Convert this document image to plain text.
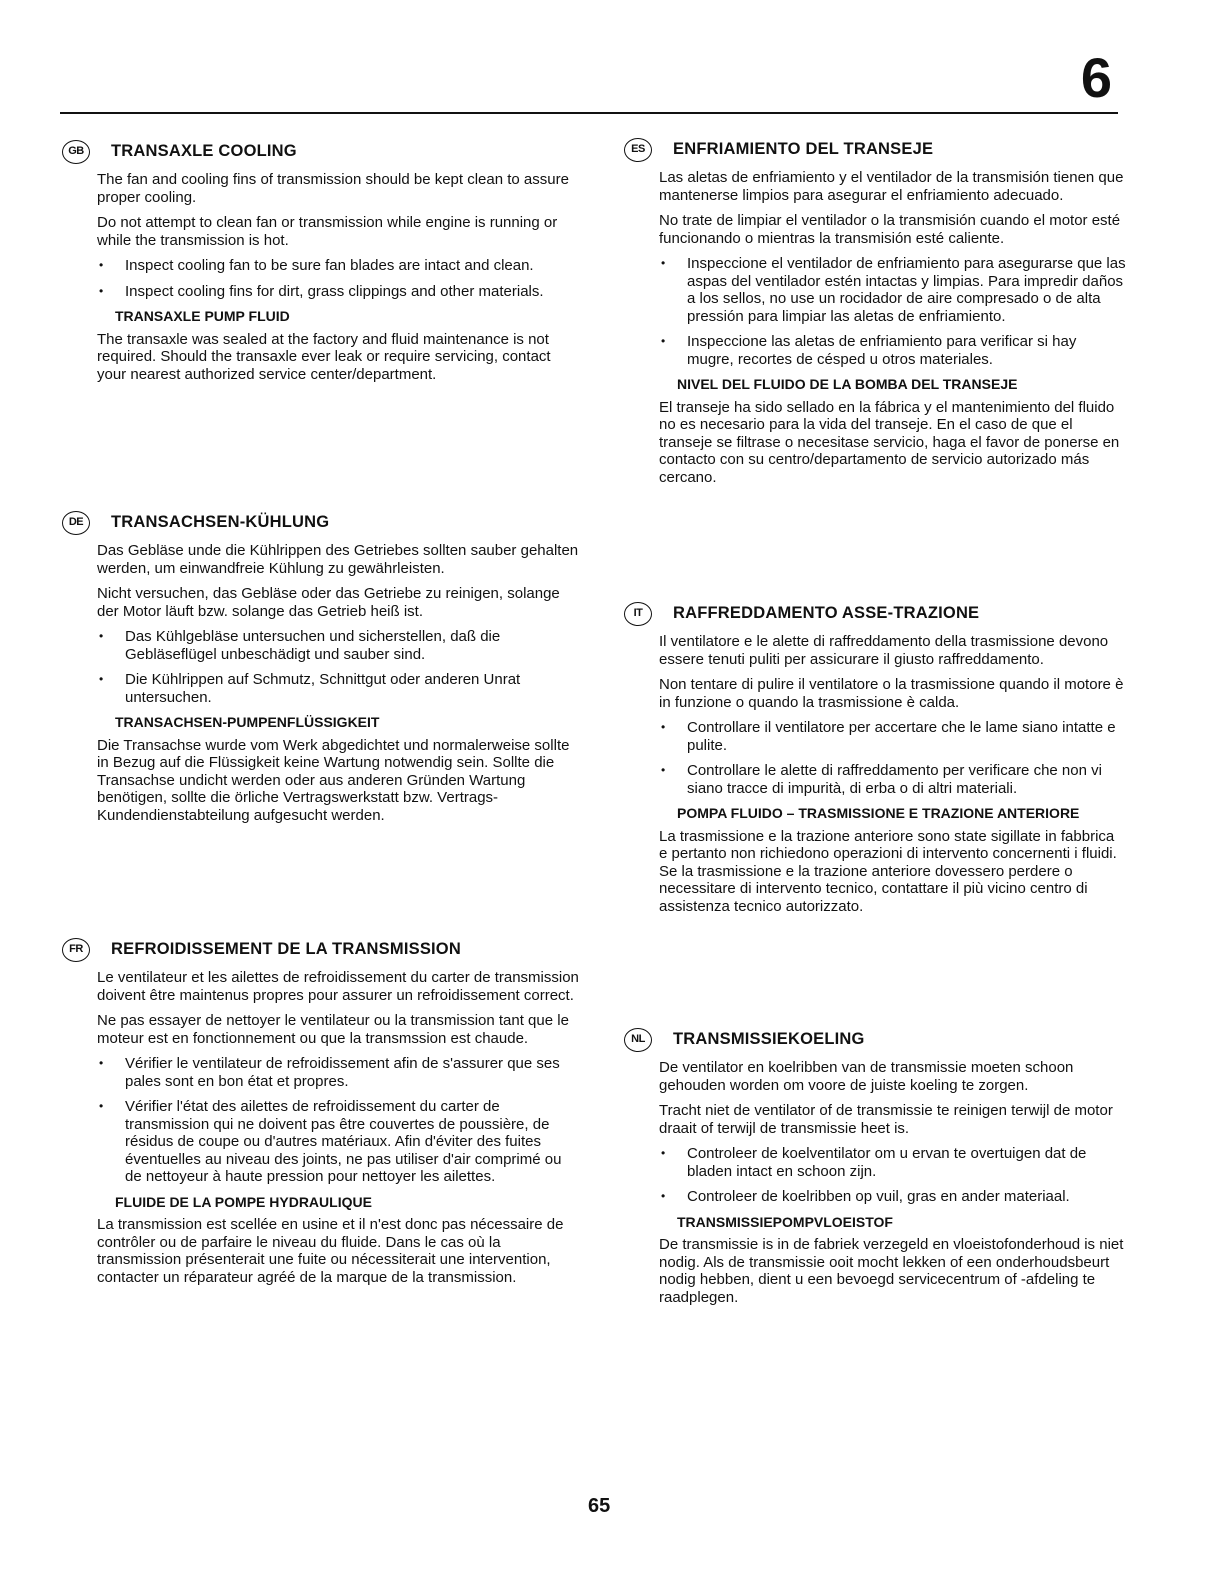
6
GB	TRANSAXLE COOLING

The fan and cooling fins of transmission should be kept clean to assure proper cooling.

Do not attempt to clean fan or transmission while engine is running or while the transmission is hot.

• Inspect cooling fan to be sure fan blades are intact and clean.
• Inspect cooling fins for dirt, grass clippings and other materials.
TRANSAXLE PUMP FLUID

The transaxle was sealed at the factory and fluid maintenance is not required. Should the transaxle ever leak or require servicing, contact your nearest authorized service center/department.

DE	TRANSACHSEN-KÜHLUNG

Das Gebläse unde die Kühlrippen des Getriebes sollten sauber gehalten werden, um einwandfreie Kühlung zu gewährleisten.

Nicht versuchen, das Gebläse oder das Getriebe zu reinigen, solange der Motor läuft bzw. solange das Getrieb heiß ist.

• Das Kühlgebläse untersuchen und sicherstellen, daß die Gebläseflügel unbeschädigt und sauber sind.
• Die Kühlrippen auf Schmutz, Schnittgut oder anderen Unrat untersuchen.
TRANSACHSEN-PUMPENFLÜSSIGKEIT

Die Transachse wurde vom Werk abgedichtet und normalerweise sollte in Bezug auf die Flüssigkeit keine Wartung notwendig sein. Sollte die Transachse undicht werden oder aus anderen Gründen Wartung benötigen, sollte die örliche Vertragswerkstatt bzw. Vertrags-Kundendienstabteilung aufgesucht werden.

FR	REFROIDISSEMENT DE LA TRANSMISSION

Le ventilateur et les ailettes de refroidissement du carter de transmission doivent être maintenus propres pour assurer un refroidissement correct.

Ne pas essayer de nettoyer le ventilateur ou la transmission tant que le moteur est en fonctionnement ou que la transmssion est chaude.

• Vérifier le ventilateur de refroidissement afin de s'assurer que ses pales sont en bon état et propres.
• Vérifier l'état des ailettes de refroidissement du carter de transmission qui ne doivent pas être couvertes de poussière, de résidus de coupe ou d'autres matériaux. Afin d'éviter des fuites éventuelles au niveau des joints, ne pas utiliser d'air comprimé ou de nettoyeur à haute pression pour nettoyer les ailettes.
FLUIDE DE LA POMPE HYDRAULIQUE

La transmission est scellée en usine et il n'est donc pas nécessaire de contrôler ou de parfaire le niveau du fluide. Dans le cas où la transmission présenterait une fuite ou nécessiterait une intervention, contacter un réparateur agréé de la marque de la transmission.

ES	ENFRIAMIENTO DEL TRANSEJE

Las aletas de enfriamiento y el ventilador de la transmisión tienen que mantenerse limpios para asegurar el enfriamiento adecuado.

No trate de limpiar el ventilador o la transmisión cuando el motor esté funcionando o mientras la transmisión esté caliente.

• Inspeccione el ventilador de enfriamiento para asegurarse que las aspas del ventilador estén intactas y limpias. Para impredir daños a los sellos, no use un rocidador de aire compresado o de alta pressión para limpiar las aletas de enfriamiento.
• Inspeccione las aletas de enfriamiento para verificar si hay mugre, recortes de césped u otros materiales.
NIVEL DEL FLUIDO DE LA BOMBA DEL TRANSEJE

El transeje ha sido sellado en la fábrica y el mantenimiento del fluido no es necesario para la vida del transeje. En el caso de que el transeje se filtrase o necesitase servicio, haga el favor de ponerse en contacto con su centro/departamento de servicio autorizado más cercano.

IT	RAFFREDDAMENTO ASSE-TRAZIONE

Il ventilatore e le alette di raffreddamento della trasmissione devono essere tenuti puliti per assicurare il giusto raffreddamento.

Non tentare di pulire il ventilatore o la trasmissione quando il motore è in funzione o quando la trasmissione è calda.

• Controllare il ventilatore per accertare che le lame siano intatte e pulite.
• Controllare le alette di raffreddamento per verificare che non vi siano tracce di impurità, di erba o di altri materiali.
POMPA FLUIDO – TRASMISSIONE E TRAZIONE ANTERIORE

La trasmissione e la trazione anteriore sono state sigillate in fabbrica e pertanto non richiedono operazioni di intervento concernenti i fluidi. Se la trasmissione e la trazione anteriore dovessero perdere o necessitare di intervento tecnico, contattare il più vicino centro di assistenza tecnico autorizzato.

NL	TRANSMISSIEKOELING

De ventilator en koelribben van de transmissie moeten schoon gehouden worden om voore de juiste koeling te zorgen.

Tracht niet de ventilator of de transmissie te reinigen terwijl de motor draait of terwijl de transmissie heet is.

• Controleer de koelventilator om u ervan te overtuigen dat de bladen intact en schoon zijn.
• Controleer de koelribben op vuil, gras en ander materiaal.
TRANSMISSIEPOMPVLOEISTOF

De transmissie is in de fabriek verzegeld en vloeistofonderhoud is niet nodig. Als de transmissie ooit mocht lekken of een onderhoudsbeurt nodig hebben, dient u een bevoegd servicecentrum of -afdeling te raadplegen.

65
